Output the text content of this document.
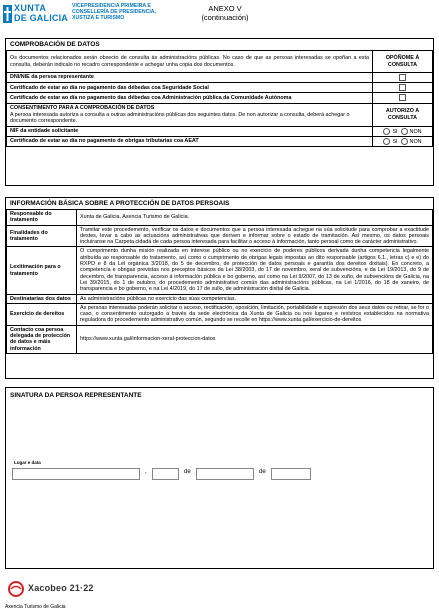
XUNTA
DE GALICIA
VICEPRESIDENCIA PRIMEIRA E
CONSELLERÍA DE PRESIDENCIA,
XUSTIZA E TURISMO
ANEXO V
(continuación)
COMPROBACIÓN DE DATOS
Os documentos relacionados serán obxecto de consulta ás administracións públicas. No caso de que as persoas interesadas se opoñan a esta consulta, deberán indicalo no recadro correspondente e achegar unha copia dos documentos.	OPÓÑOME Á CONSULTA
DNI/NIE da persoa representante	
Certificado de estar ao día no pagamento das débedas coa Seguridade Social	
Certificado de estar ao día no pagamento das débedas coa Administración pública da Comunidade Autónoma	

CONSENTIMENTO PARA A COMPROBACIÓN DE DATOS
A persoa interesada autoriza a consulta a outras administracións públicas dos seguintes datos. De non autorizar a consulta, deberá achegar o documento correspondente.	AUTORIZO A CONSULTA
NIF da entidade solicitante	SI NON
Certificado de estar ao día no pagamento de obrigas tributarias coa AEAT	SI NON
INFORMACIÓN BÁSICA SOBRE A PROTECCIÓN DE DATOS PERSOAIS
Responsable do tratamento	Xunta de Galicia. Axencia Turismo de Galicia.
Finalidades do tratamento	Tramitar este procedemento, verificar os datos e documentos que a persoa interesada achegue na súa solicitude para comprobar a exactitude destes, levar a cabo as actuacións administrativas que deriven e informar sobre o estado de tramitación. Así mesmo, os datos persoais incluiranse na Carpeta cidadá de cada persoa interesada para facilitar o acceso á información, tanto persoal como de carácter administrativo.
Lexitimación para o tratamento	O cumprimento dunha misión realizada en interese público ou no exercicio de poderes públicos derivada dunha competencia legalmente atribuída ao responsable do tratamento, así como o cumprimento de obrigas legais impostas ao dito responsable (artigos 6.1., letras c) e e) do RXPD e 8 da Lei orgánica 3/2018, do 5 de decembro, de protección de datos persoais e garantía dos dereitos dixitais). En concreto, a competencia e obrigas previstas nos preceptos básicos da Lei 38/2003, do 17 de novembro, xeral de subvencións, e da Lei 19/2013, do 9 de decembro, de transparencia, acceso á información pública e bo goberno, así como na Lei 9/2007, do 13 de xuño, de subvencións de Galicia, na Lei 39/2015, do 1 de outubro, do procedemento administrativo común das administracións públicas, na Lei 1/2016, do 18 de xaneiro, de transparencia e bo goberno, e na Lei 4/2019, do 17 de xullo, de administración dixital de Galicia.
Destinatarias dos datos	As administracións públicas no exercicio das súas competencias.
Exercicio de dereitos	As persoas interesadas poderán solicitar o acceso, rectificación, oposición, limitación, portabilidade e supresión dos seus datos ou retirar, se for o caso, o consentimento outorgado a través da sede electrónica da Xunta de Galicia ou nos lugares e rexistros establecidos na normativa reguladora do procedemento administrativo común, segundo se recolle en https://www.xunta.gal/exercicio-de-dereitos
Contacto coa persoa delegada de protección de datos e máis información	https://www.xunta.gal/informacion-xeral-proteccion-datos
SINATURA DA PERSOA REPRESENTANTE
Lugar e data
,	de	de
Xacobeo 21·22
Axencia Turismo de Galicia
